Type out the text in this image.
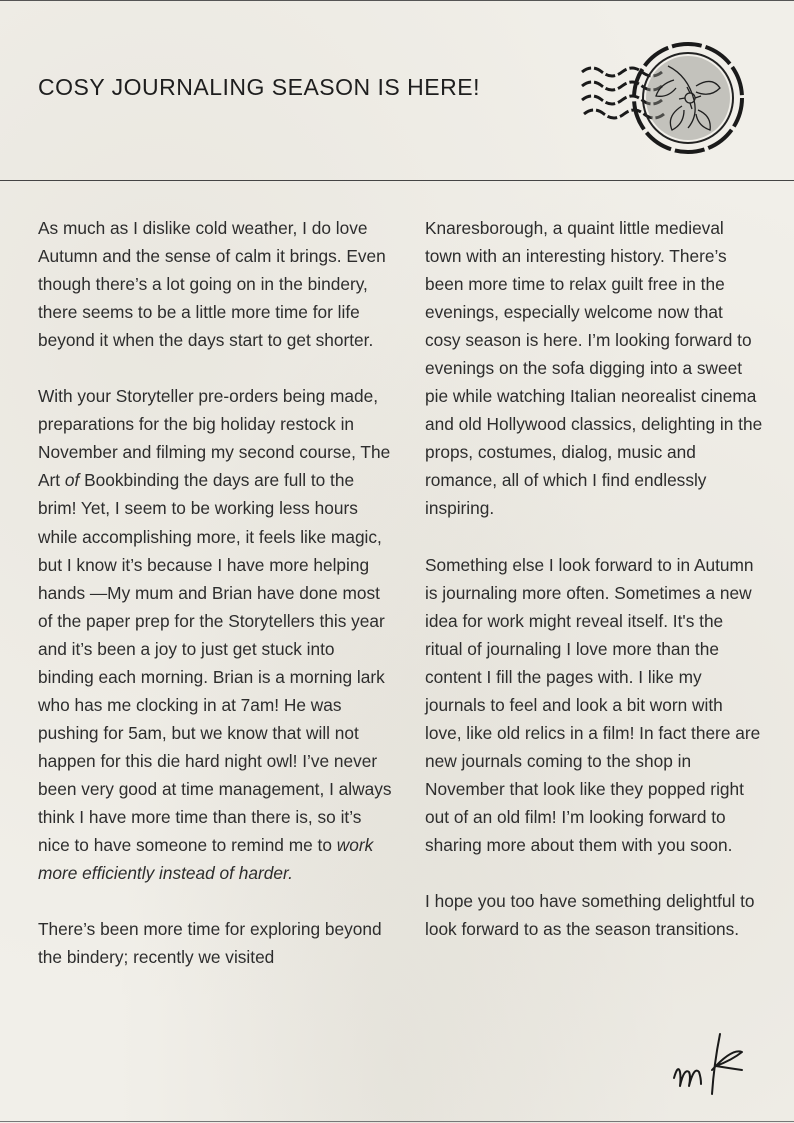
COSY JOURNALING SEASON IS HERE!

As much as I dislike cold weather, I do love Autumn and the sense of calm it brings. Even though there’s a lot going on in the bindery, there seems to be a little more time for life beyond it when the days start to get shorter.

With your Storyteller pre-orders being made, preparations for the big holiday restock in November and filming my second course, The Art of Bookbinding the days are full to the brim! Yet, I seem to be working less hours while accomplishing more, it feels like magic, but I know it’s because I have more helping hands —My mum and Brian have done most of the paper prep for the Storytellers this year and it’s been a joy to just get stuck into binding each morning. Brian is a morning lark who has me clocking in at 7am! He was pushing for 5am, but we know that will not happen for this die hard night owl! I’ve never been very good at time management, I always think I have more time than there is, so it’s nice to have someone to remind me to work more efficiently instead of harder.

There’s been more time for exploring beyond the bindery; recently we visited

Knaresborough, a quaint little medieval town with an interesting history. There’s been more time to relax guilt free in the evenings, especially welcome now that cosy season is here. I’m looking forward to evenings on the sofa digging into a sweet pie while watching Italian neorealist cinema and old Hollywood classics, delighting in the props, costumes, dialog, music and romance, all of which I find endlessly inspiring.

Something else I look forward to in Autumn is journaling more often. Sometimes a new idea for work might reveal itself. It's the ritual of journaling I love more than the content I fill the pages with. I like my journals to feel and look a bit worn with love, like old relics in a film! In fact there are new journals coming to the shop in November that look like they popped right out of an old film! I’m looking forward to sharing more about them with you soon.

I hope you too have something delightful to look forward to as the season transitions.
